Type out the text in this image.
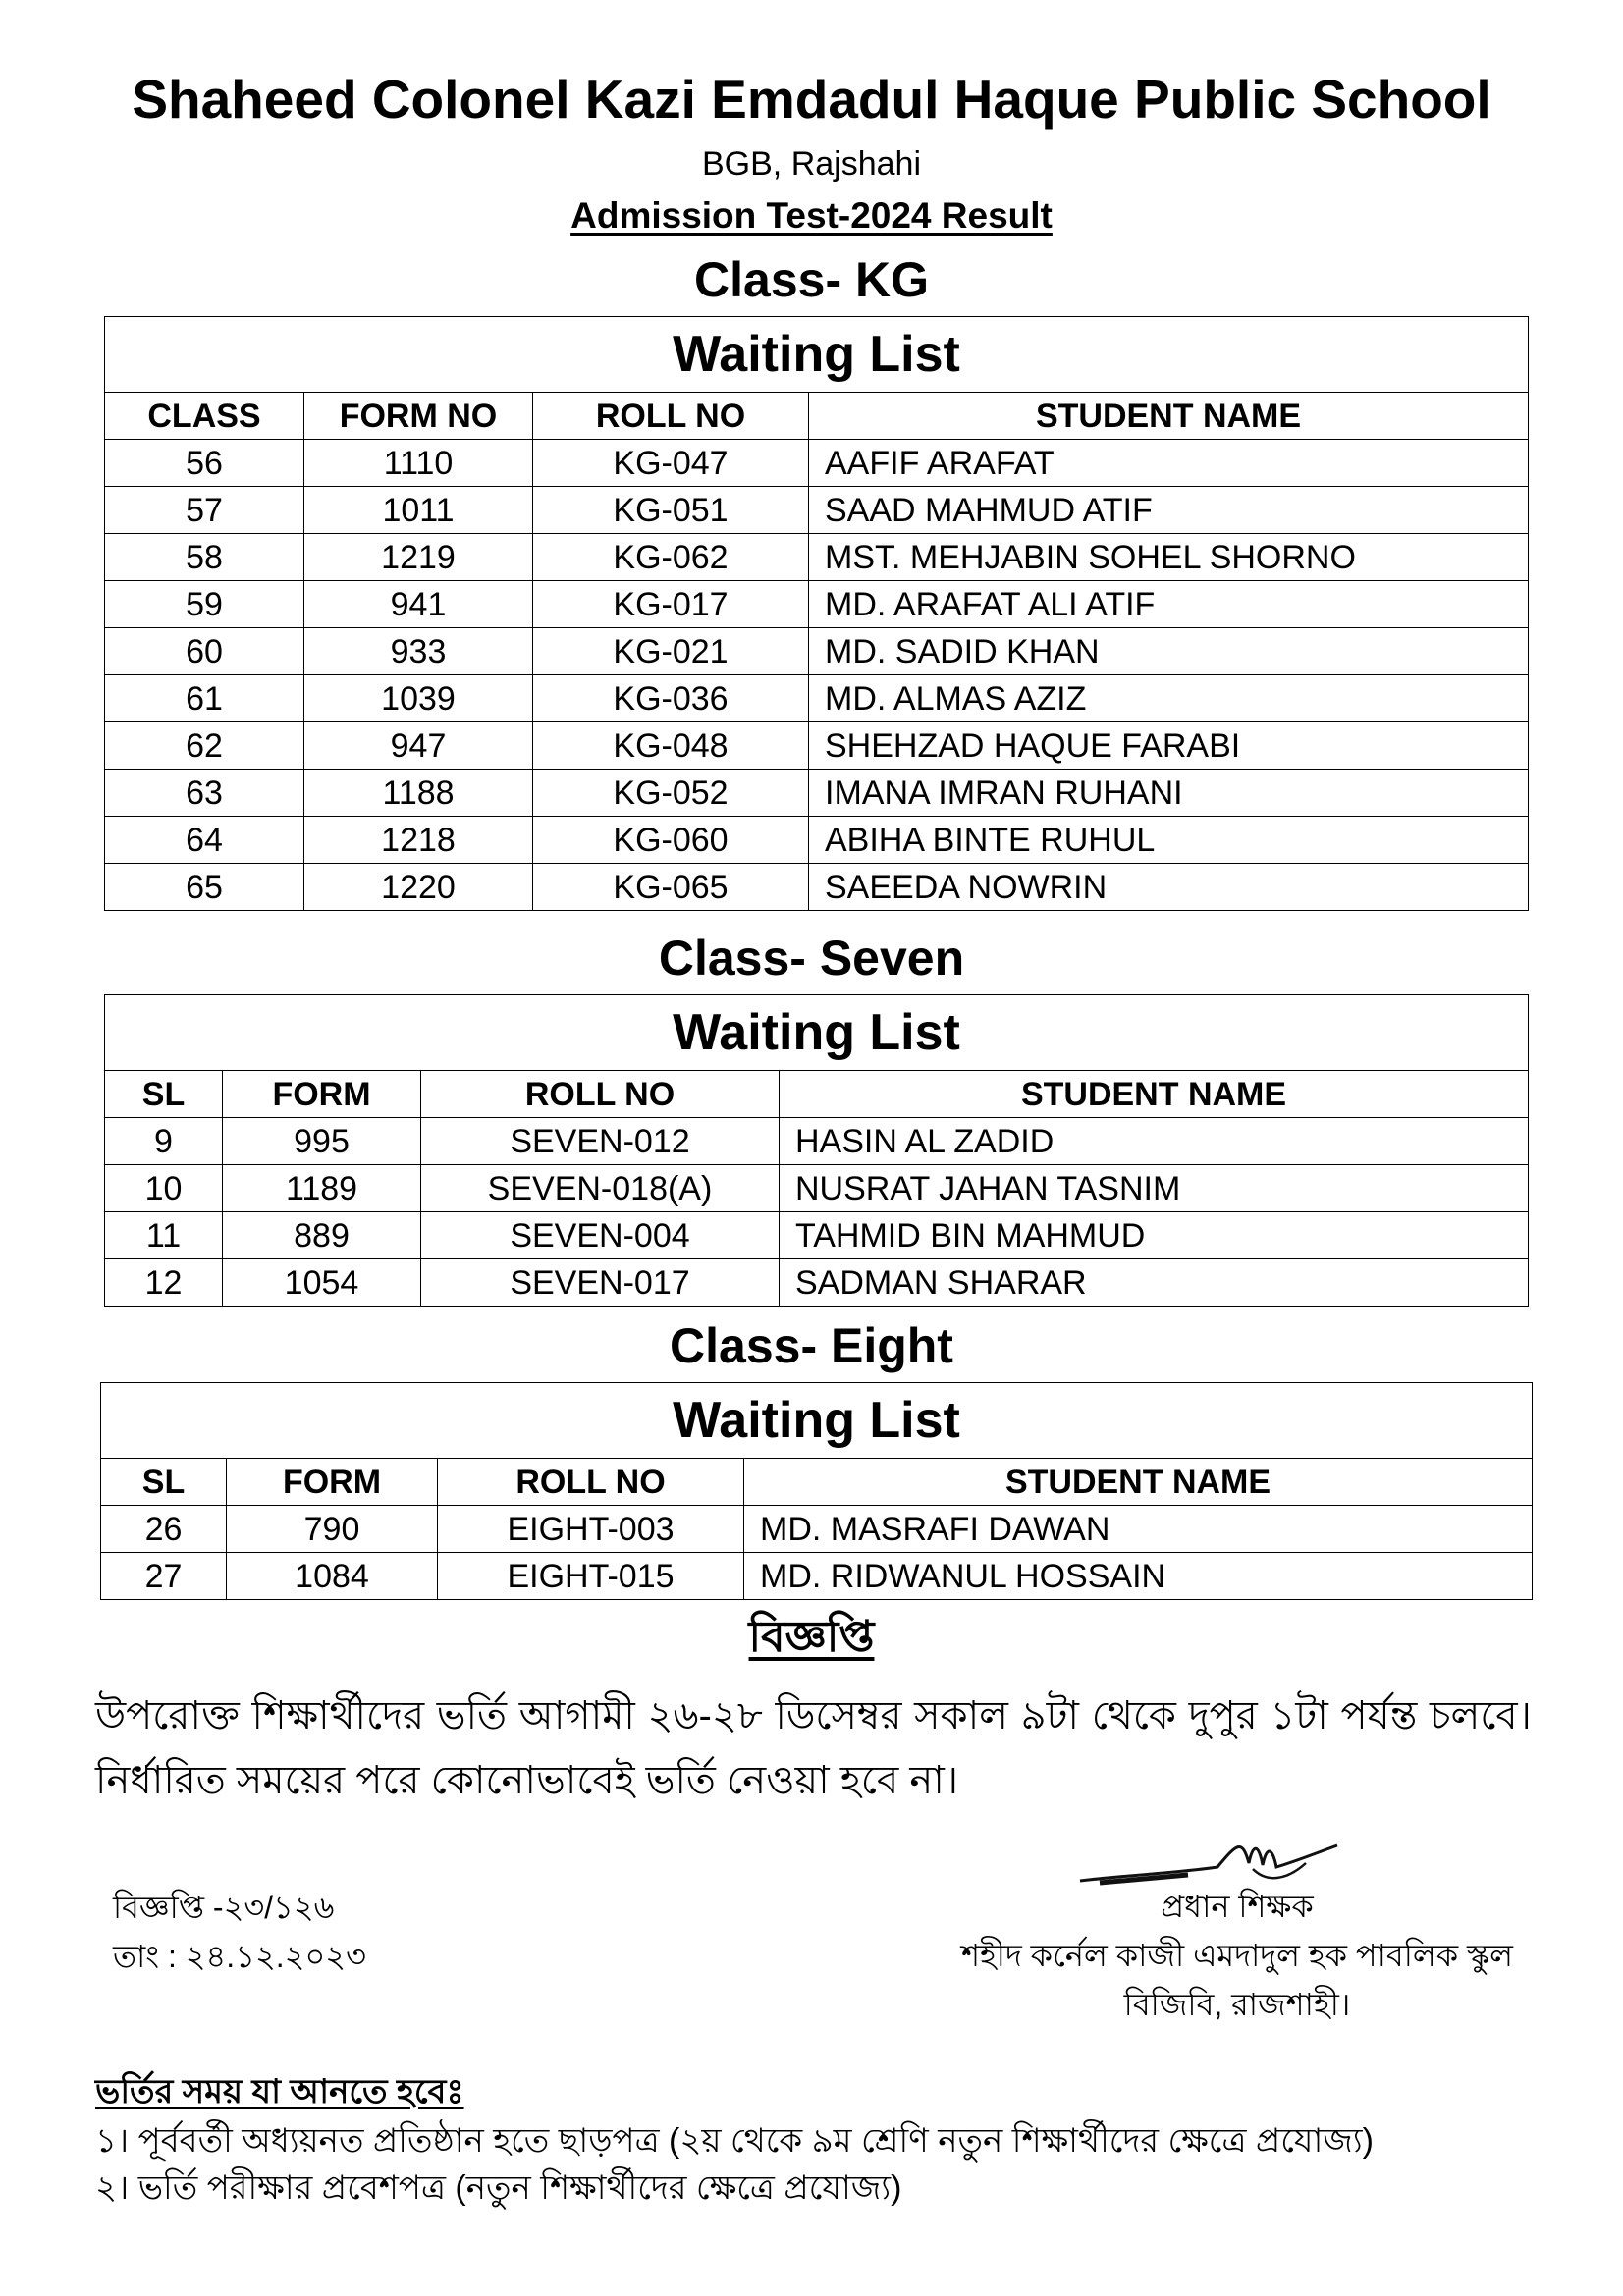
Shaheed Colonel Kazi Emdadul Haque Public School
BGB, Rajshahi
Admission Test-2024 Result
Class- KG
Waiting List			
CLASS	FORM NO	ROLL NO	STUDENT NAME
56	1110	KG-047	AAFIF ARAFAT
57	1011	KG-051	SAAD MAHMUD ATIF
58	1219	KG-062	MST. MEHJABIN SOHEL SHORNO
59	941	KG-017	MD. ARAFAT ALI ATIF
60	933	KG-021	MD. SADID KHAN
61	1039	KG-036	MD. ALMAS AZIZ
62	947	KG-048	SHEHZAD HAQUE FARABI
63	1188	KG-052	IMANA IMRAN RUHANI
64	1218	KG-060	ABIHA BINTE RUHUL
65	1220	KG-065	SAEEDA NOWRIN
Class- Seven
Waiting List			
SL	FORM	ROLL NO	STUDENT NAME
9	995	SEVEN-012	HASIN AL ZADID
10	1189	SEVEN-018(A)	NUSRAT JAHAN TASNIM
11	889	SEVEN-004	TAHMID BIN MAHMUD
12	1054	SEVEN-017	SADMAN SHARAR
Class- Eight
Waiting List			
SL	FORM	ROLL NO	STUDENT NAME
26	790	EIGHT-003	MD. MASRAFI DAWAN
27	1084	EIGHT-015	MD. RIDWANUL HOSSAIN
বিজ্ঞপ্তি
উপরোক্ত শিক্ষার্থীদের ভর্তি আগামী ২৬-২৮ ডিসেম্বর সকাল ৯টা থেকে দুপুর ১টা পর্যন্ত চলবে। নির্ধারিত সময়ের পরে কোনোভাবেই ভর্তি নেওয়া হবে না।
বিজ্ঞপ্তি -২৩/১২৬
তাং : ২৪.১২.২০২৩
প্রধান শিক্ষক
শহীদ কর্নেল কাজী এমদাদুল হক পাবলিক স্কুল
বিজিবি, রাজশাহী।
ভর্তির সময় যা আনতে হবেঃ
১। পূর্ববর্তী অধ্যয়নত প্রতিষ্ঠান হতে ছাড়পত্র (২য় থেকে ৯ম শ্রেণি নতুন শিক্ষার্থীদের ক্ষেত্রে প্রযোজ্য)
২। ভর্তি পরীক্ষার প্রবেশপত্র (নতুন শিক্ষার্থীদের ক্ষেত্রে প্রযোজ্য)
